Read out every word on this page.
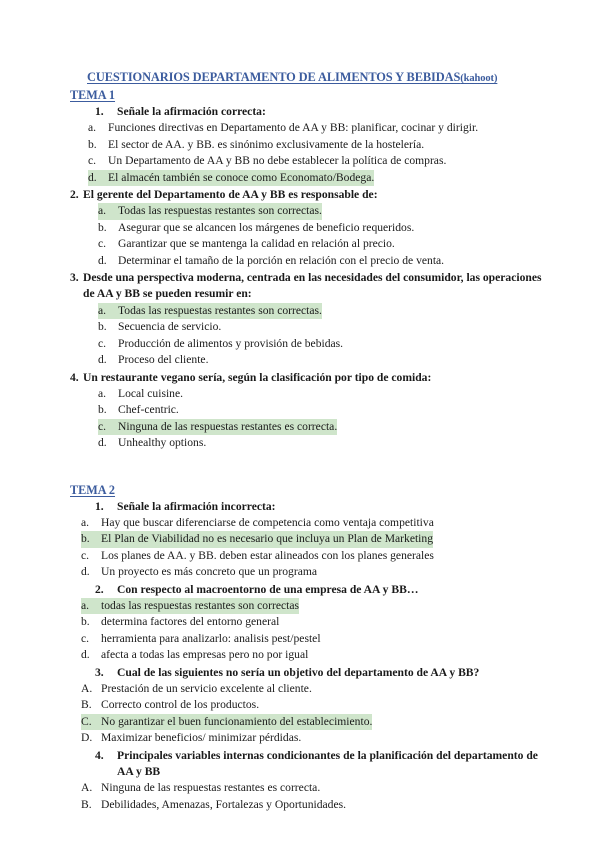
CUESTIONARIOS DEPARTAMENTO DE ALIMENTOS Y BEBIDAS(kahoot)
TEMA 1
1.	Señale la afirmación correcta:
a.	Funciones directivas en Departamento de AA y BB: planificar, cocinar y dirigir.
b. El sector de AA. y BB. es sinónimo exclusivamente de la hostelería.
c.	Un Departamento de AA y BB no debe establecer la política de compras.
d. El almacén también se conoce como Economato/Bodega.
2. El gerente del Departamento de AA y BB es responsable de:
a.	Todas las respuestas restantes son correctas.
b. Asegurar que se alcancen los márgenes de beneficio requeridos.
c.	Garantizar que se mantenga la calidad en relación al precio.
d. Determinar el tamaño de la porción en relación con el precio de venta.
3. Desde una perspectiva moderna, centrada en las necesidades del consumidor, las operaciones de AA y BB se pueden resumir en:
a.	Todas las respuestas restantes son correctas.
b. Secuencia de servicio.
c.	Producción de alimentos y provisión de bebidas.
d. Proceso del cliente.
4. Un restaurante vegano sería, según la clasificación por tipo de comida:
a.	Local cuisine.
b. Chef-centric.
c.	Ninguna de las respuestas restantes es correcta.
d. Unhealthy options.
TEMA 2
1.	Señale la afirmación incorrecta:
a.	Hay que buscar diferenciarse de competencia como ventaja competitiva
b. El Plan de Viabilidad no es necesario que incluya un Plan de Marketing
c.	Los planes de AA. y BB. deben estar alineados con los planes generales
d. Un proyecto es más concreto que un programa
2.	Con respecto al macroentorno de una empresa de AA y BB…
a.	todas las respuestas restantes son correctas
b. determina factores del entorno general
c.	herramienta para analizarlo: analisis pest/pestel
d. afecta a todas las empresas pero no por igual
3.	Cual de las siguientes no sería un objetivo del departamento de AA y BB?
A. Prestación de un servicio excelente al cliente.
B. Correcto control de los productos.
C. No garantizar el buen funcionamiento del establecimiento.
D. Maximizar beneficios/ minimizar pérdidas.
4.	Principales variables internas condicionantes de la planificación del departamento de AA y BB
A. Ninguna de las respuestas restantes es correcta.
B. Debilidades, Amenazas, Fortalezas y Oportunidades.
